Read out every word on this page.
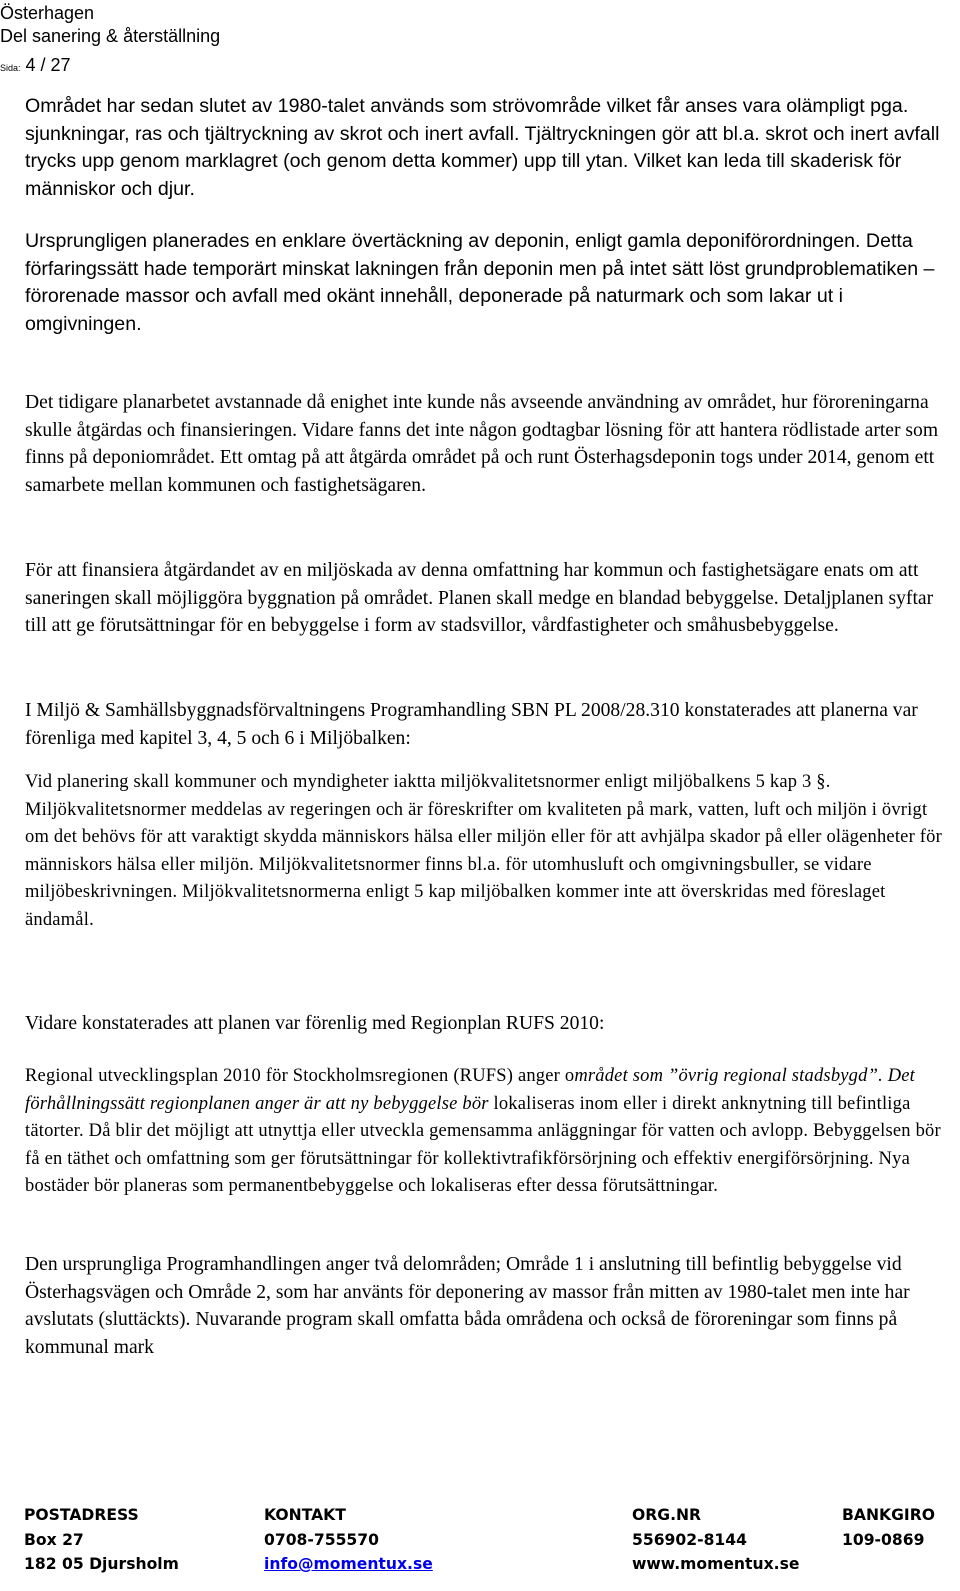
Österhagen
Del sanering & återställning
Sida: 4 / 27

Området har sedan slutet av 1980-talet används som strövområde vilket får anses vara olämpligt pga. sjunkningar, ras och tjältryckning av skrot och inert avfall. Tjältryckningen gör att bl.a. skrot och inert avfall trycks upp genom marklagret (och genom detta kommer) upp till ytan. Vilket kan leda till skaderisk för människor och djur.

Ursprungligen planerades en enklare övertäckning av deponin, enligt gamla deponiförordningen. Detta förfaringssätt hade temporärt minskat lakningen från deponin men på intet sätt löst grundproblematiken – förorenade massor och avfall med okänt innehåll, deponerade på naturmark och som lakar ut i omgivningen.

Det tidigare planarbetet avstannade då enighet inte kunde nås avseende användning av området, hur föroreningarna skulle åtgärdas och finansieringen. Vidare fanns det inte någon godtagbar lösning för att hantera rödlistade arter som finns på deponiområdet. Ett omtag på att åtgärda området på och runt Österhagsdeponin togs under 2014, genom ett samarbete mellan kommunen och fastighetsägaren.

För att finansiera åtgärdandet av en miljöskada av denna omfattning har kommun och fastighetsägare enats om att saneringen skall möjliggöra byggnation på området. Planen skall medge en blandad bebyggelse. Detaljplanen syftar till att ge förutsättningar för en bebyggelse i form av stadsvillor, vårdfastigheter och småhusbebyggelse.

I Miljö & Samhällsbyggnadsförvaltningens Programhandling SBN PL 2008/28.310 konstaterades att planerna var förenliga med kapitel 3, 4, 5 och 6 i Miljöbalken:

Vid planering skall kommuner och myndigheter iaktta miljökvalitetsnormer enligt miljöbalkens 5 kap 3 §. Miljökvalitetsnormer meddelas av regeringen och är föreskrifter om kvaliteten på mark, vatten, luft och miljön i övrigt om det behövs för att varaktigt skydda människors hälsa eller miljön eller för att avhjälpa skador på eller olägenheter för människors hälsa eller miljön. Miljökvalitetsnormer finns bl.a. för utomhusluft och omgivningsbuller, se vidare miljöbeskrivningen. Miljökvalitetsnormerna enligt 5 kap miljöbalken kommer inte att överskridas med föreslaget ändamål.

Vidare konstaterades att planen var förenlig med Regionplan RUFS 2010:

Regional utvecklingsplan 2010 för Stockholmsregionen (RUFS) anger området som ”övrig regional stadsbygd”. Det förhållningssätt regionplanen anger är att ny bebyggelse bör lokaliseras inom eller i direkt anknytning till befintliga tätorter. Då blir det möjligt att utnyttja eller utveckla gemensamma anläggningar för vatten och avlopp. Bebyggelsen bör få en täthet och omfattning som ger förutsättningar för kollektivtrafikförsörjning och effektiv energiförsörjning. Nya bostäder bör planeras som permanentbebyggelse och lokaliseras efter dessa förutsättningar.

Den ursprungliga Programhandlingen anger två delområden; Område 1 i anslutning till befintlig bebyggelse vid Österhagsvägen och Område 2, som har använts för deponering av massor från mitten av 1980-talet men inte har avslutats (sluttäckts). Nuvarande program skall omfatta båda områdena och också de föroreningar som finns på kommunal mark

POSTADRESS
Box 27
182 05 Djursholm
KONTAKT
0708-755570
info@momentux.se
ORG.NR
556902-8144
www.momentux.se
BANKGIRO
109-0869
